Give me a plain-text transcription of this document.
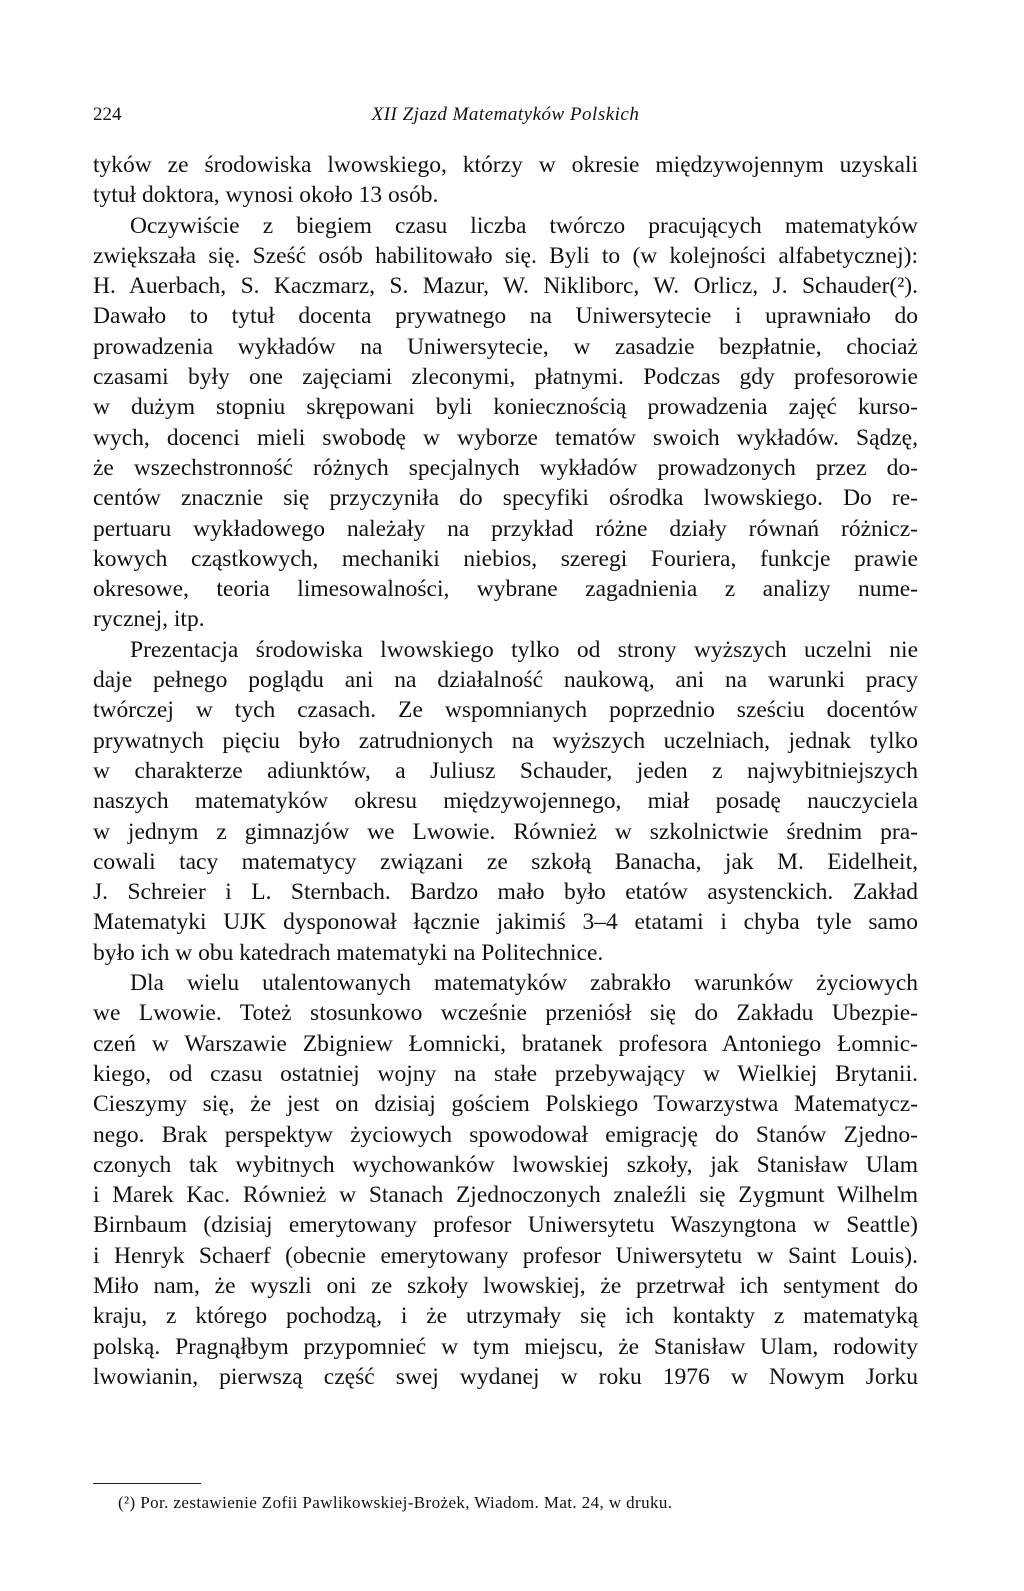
224	XII Zjazd Matematyków Polskich
tyków ze środowiska lwowskiego, którzy w okresie międzywojennym uzyskali
tytuł doktora, wynosi około 13 osób.
Oczywiście z biegiem czasu liczba twórczo pracujących matematyków
zwiększała się. Sześć osób habilitowało się. Byli to (w kolejności alfabetycznej):
H. Auerbach, S. Kaczmarz, S. Mazur, W. Nikliborc, W. Orlicz, J. Schauder(²).
Dawało to tytuł docenta prywatnego na Uniwersytecie i uprawniało do
prowadzenia wykładów na Uniwersytecie, w zasadzie bezpłatnie, chociaż
czasami były one zajęciami zleconymi, płatnymi. Podczas gdy profesorowie
w dużym stopniu skrępowani byli koniecznością prowadzenia zajęć kurso-
wych, docenci mieli swobodę w wyborze tematów swoich wykładów. Sądzę,
że wszechstronność różnych specjalnych wykładów prowadzonych przez do-
centów znacznie się przyczyniła do specyfiki ośrodka lwowskiego. Do re-
pertuaru wykładowego należały na przykład różne działy równań różnicz-
kowych cząstkowych, mechaniki niebios, szeregi Fouriera, funkcje prawie
okresowe, teoria limesowalności, wybrane zagadnienia z analizy nume-
rycznej, itp.
Prezentacja środowiska lwowskiego tylko od strony wyższych uczelni nie
daje pełnego poglądu ani na działalność naukową, ani na warunki pracy
twórczej w tych czasach. Ze wspomnianych poprzednio sześciu docentów
prywatnych pięciu było zatrudnionych na wyższych uczelniach, jednak tylko
w charakterze adiunktów, a Juliusz Schauder, jeden z najwybitniejszych
naszych matematyków okresu międzywojennego, miał posadę nauczyciela
w jednym z gimnazjów we Lwowie. Również w szkolnictwie średnim pra-
cowali tacy matematycy związani ze szkołą Banacha, jak M. Eidelheit,
J. Schreier i L. Sternbach. Bardzo mało było etatów asystenckich. Zakład
Matematyki UJK dysponował łącznie jakimiś 3–4 etatami i chyba tyle samo
było ich w obu katedrach matematyki na Politechnice.
Dla wielu utalentowanych matematyków zabrakło warunków życiowych
we Lwowie. Toteż stosunkowo wcześnie przeniósł się do Zakładu Ubezpie-
czeń w Warszawie Zbigniew Łomnicki, bratanek profesora Antoniego Łomnic-
kiego, od czasu ostatniej wojny na stałe przebywający w Wielkiej Brytanii.
Cieszymy się, że jest on dzisiaj gościem Polskiego Towarzystwa Matematycz-
nego. Brak perspektyw życiowych spowodował emigrację do Stanów Zjedno-
czonych tak wybitnych wychowanków lwowskiej szkoły, jak Stanisław Ulam
i Marek Kac. Również w Stanach Zjednoczonych znaleźli się Zygmunt Wilhelm
Birnbaum (dzisiaj emerytowany profesor Uniwersytetu Waszyngtona w Seattle)
i Henryk Schaerf (obecnie emerytowany profesor Uniwersytetu w Saint Louis).
Miło nam, że wyszli oni ze szkoły lwowskiej, że przetrwał ich sentyment do
kraju, z którego pochodzą, i że utrzymały się ich kontakty z matematyką
polską. Pragnąłbym przypomnieć w tym miejscu, że Stanisław Ulam, rodowity
lwowianin, pierwszą część swej wydanej w roku 1976 w Nowym Jorku
(²) Por. zestawienie Zofii Pawlikowskiej-Brożek, Wiadom. Mat. 24, w druku.
